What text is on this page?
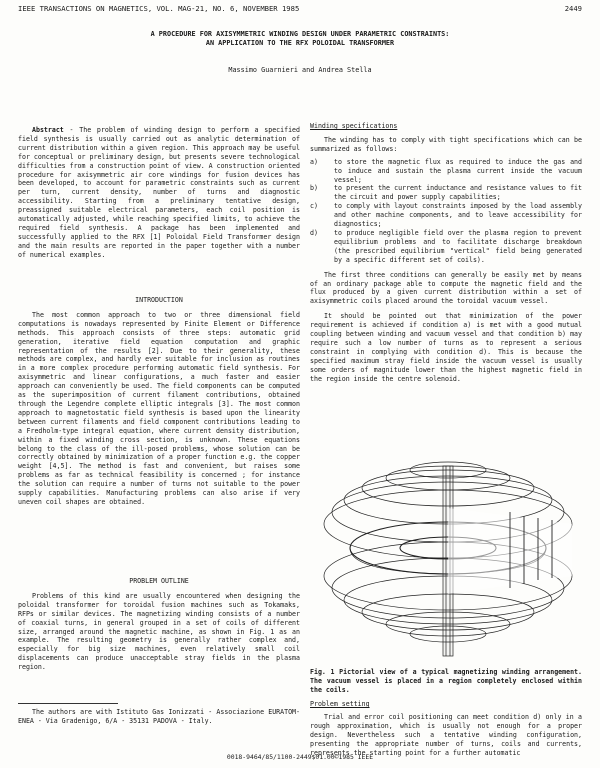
IEEE TRANSACTIONS ON MAGNETICS, VOL. MAG-21, NO. 6, NOVEMBER 1985	2449
A PROCEDURE FOR AXISYMMETRIC WINDING DESIGN UNDER PARAMETRIC CONSTRAINTS:
AN APPLICATION TO THE RFX POLOIDAL TRANSFORMER
Massimo Guarnieri and Andrea Stella

Abstract - The problem of winding design to perform a specified field synthesis is usually carried out as analytic determination of current distribution within a given region. This approach may be useful for conceptual or preliminary design, but presents severe technological difficulties from a construction point of view. A construction oriented procedure for axisymmetric air core windings for fusion devices has been developed, to account for parametric constraints such as current per turn, current density, number of turns and diagnostic accessibility. Starting from a preliminary tentative design, preassigned suitable electrical parameters, each coil position is automatically adjusted, while reaching specified limits, to achieve the required field synthesis. A package has been implemented and successfully applied to the RFX [1] Poloidal Field Transformer design and the main results are reported in the paper together with a number of numerical examples.

INTRODUCTION

The most common approach to two or three dimensional field computations is nowadays represented by Finite Element or Difference methods. This approach consists of three steps: automatic grid generation, iterative field equation computation and graphic representation of the results [2]. Due to their generality, these methods are complex, and hardly ever suitable for inclusion as routines in a more complex procedure performing automatic field synthesis. For axisymmetric and linear configurations, a much faster and easier approach can conveniently be used. The field components can be computed as the superimposition of current filament contributions, obtained through the Legendre complete elliptic integrals [3]. The most common approach to magnetostatic field synthesis is based upon the linearity between current filaments and field component contributions leading to a Fredholm-type integral equation, where current density distribution, within a fixed winding cross section, is unknown. These equations belong to the class of the ill-posed problems, whose solution can be correctly obtained by minimization of a proper function e.g. the copper weight [4,5]. The method is fast and convenient, but raises some problems as far as technical feasibility is concerned ; for instance the solution can require a number of turns not suitable to the power supply capabilities. Manufacturing problems can also arise if very uneven coil shapes are obtained.

PROBLEM OUTLINE

Problems of this kind are usually encountered when designing the poloidal transformer for toroidal fusion machines such as Tokamaks, RFPs or similar devices. The magnetizing winding consists of a number of coaxial turns, in general grouped in a set of coils of different size, arranged around the magnetic machine, as shown in Fig. 1 as an example. The resulting geometry is generally rather complex and, especially for big size machines, even relatively small coil displacements can produce unacceptable stray fields in the plasma region.

The authors are with Istituto Gas Ionizzati - Associazione EURATOM-ENEA - Via Gradenigo, 6/A - 35131 PADOVA - Italy.

Winding specifications

The winding has to comply with tight specifications which can be summarized as follows:

a)	to store the magnetic flux as required to induce the gas and to induce and sustain the plasma current inside the vacuum vessel;
b)	to present the current inductance and resistance values to fit the circuit and power supply capabilities;
c)	to comply with layout constraints imposed by the load assembly and other machine components, and to leave accessibility for diagnostics;
d)	to produce negligible field over the plasma region to prevent equilibrium problems and to facilitate discharge breakdown (the prescribed equilibrium "vertical" field being generated by a specific different set of coils).

The first three conditions can generally be easily met by means of an ordinary package able to compute the magnetic field and the flux produced by a given current distribution within a set of axisymmetric coils placed around the toroidal vacuum vessel.

It should be pointed out that minimization of the power requirement is achieved if condition a) is met with a good mutual coupling between winding and vacuum vessel and that condition b) may require such a low number of turns as to represent a serious constraint in complying with condition d). This is because the specified maximum stray field inside the vacuum vessel is usually some orders of magnitude lower than the highest magnetic field in the region inside the centre solenoid.

Fig. 1 Pictorial view of a typical magnetizing winding arrangement. The vacuum vessel is placed in a region completely enclosed within the coils.
Problem setting

Trial and error coil positioning can meet condition d) only in a rough approximation, which is usually not enough for a proper design. Nevertheless such a tentative winding configuration, presenting the appropriate number of turns, coils and currents, represents the starting point for a further automatic

0018-9464/85/1100-2449$01.00©1985 IEEE
